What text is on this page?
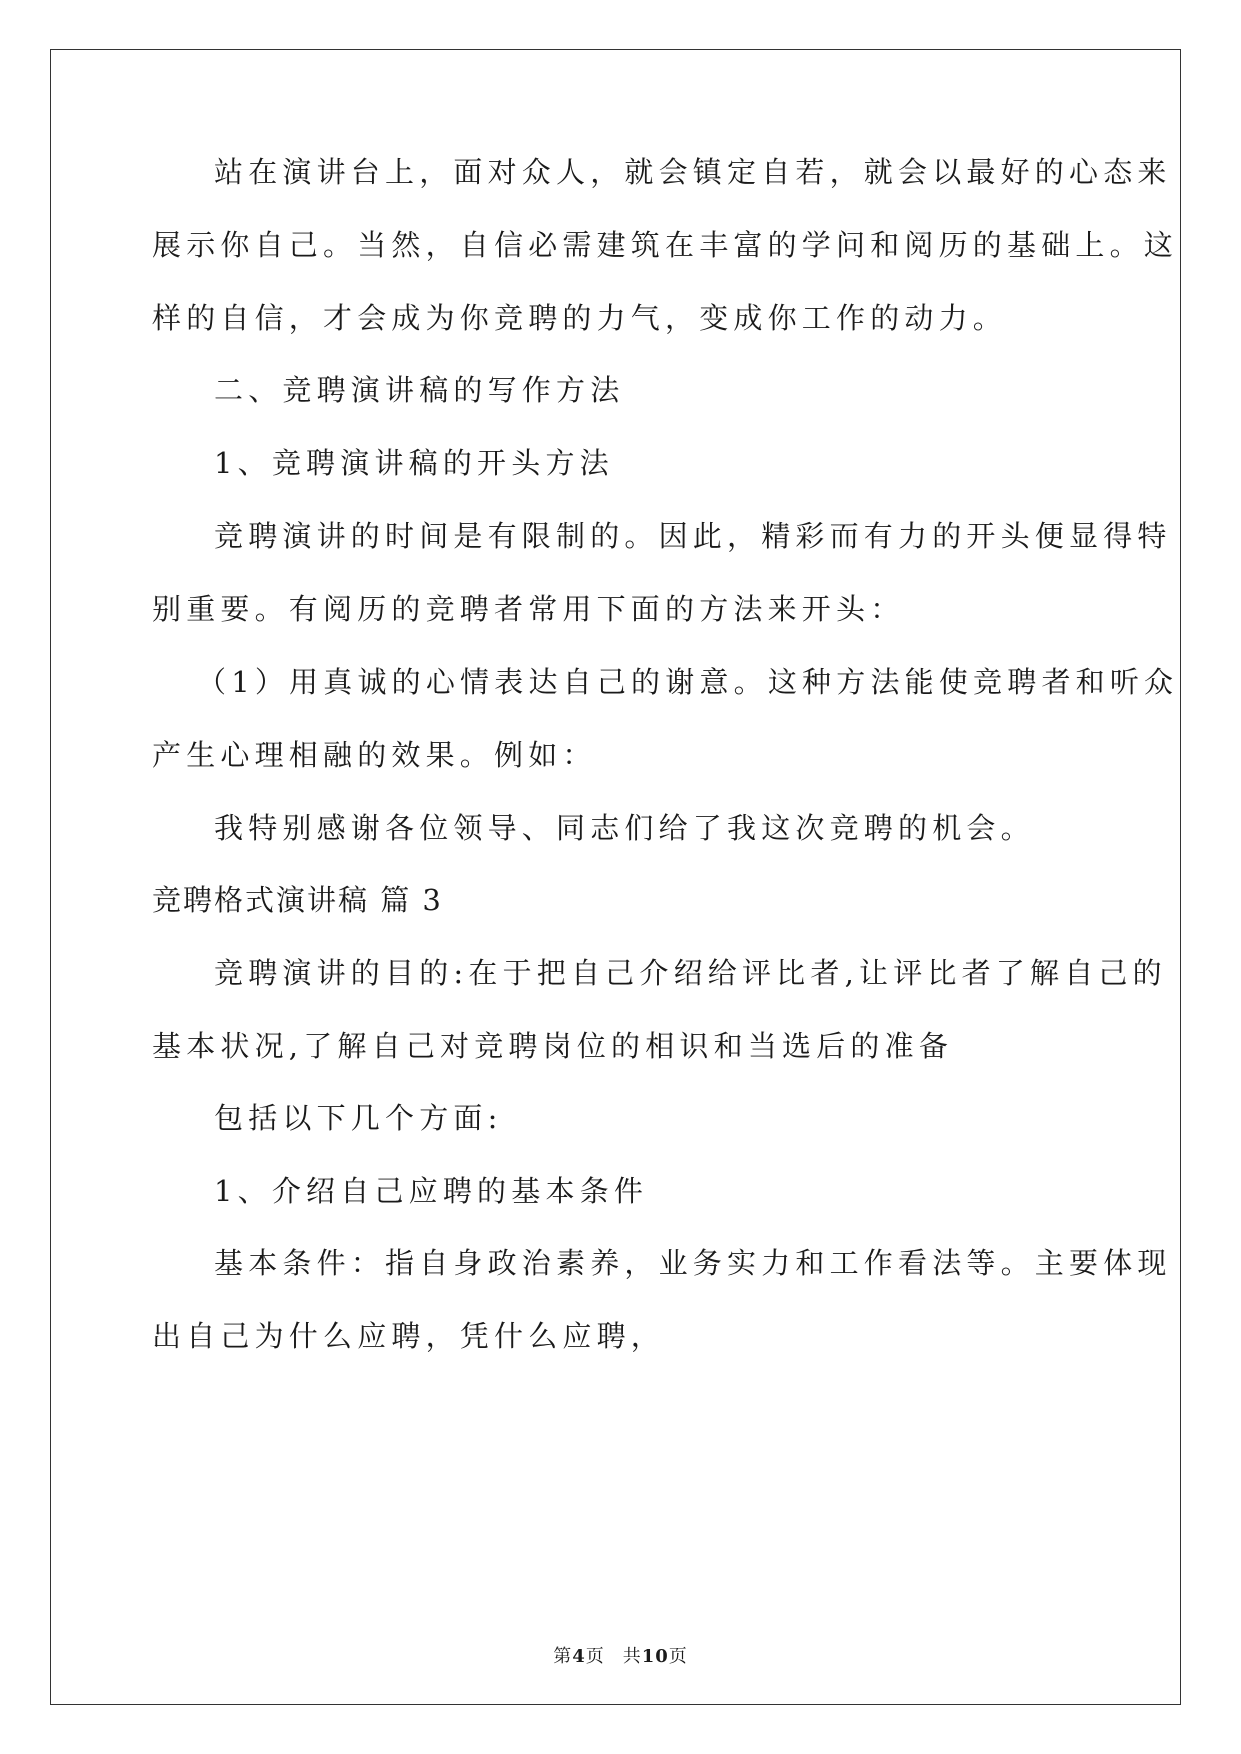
站在演讲台上，面对众人，就会镇定自若，就会以最好的心态来
展示你自己。当然，自信必需建筑在丰富的学问和阅历的基础上。这
样的自信，才会成为你竞聘的力气，变成你工作的动力。
二、竞聘演讲稿的写作方法
1、竞聘演讲稿的开头方法
竞聘演讲的时间是有限制的。因此，精彩而有力的开头便显得特
别重要。有阅历的竞聘者常用下面的方法来开头：
（1）用真诚的心情表达自己的谢意。这种方法能使竞聘者和听众
产生心理相融的效果。例如：
我特别感谢各位领导、同志们给了我这次竞聘的机会。
竞聘格式演讲稿 篇 3
竞聘演讲的目的:在于把自己介绍给评比者,让评比者了解自己的
基本状况,了解自己对竞聘岗位的相识和当选后的准备
包括以下几个方面:
1、介绍自己应聘的基本条件
基本条件：指自身政治素养，业务实力和工作看法等。主要体现
出自己为什么应聘，凭什么应聘，
第4页 共10页
